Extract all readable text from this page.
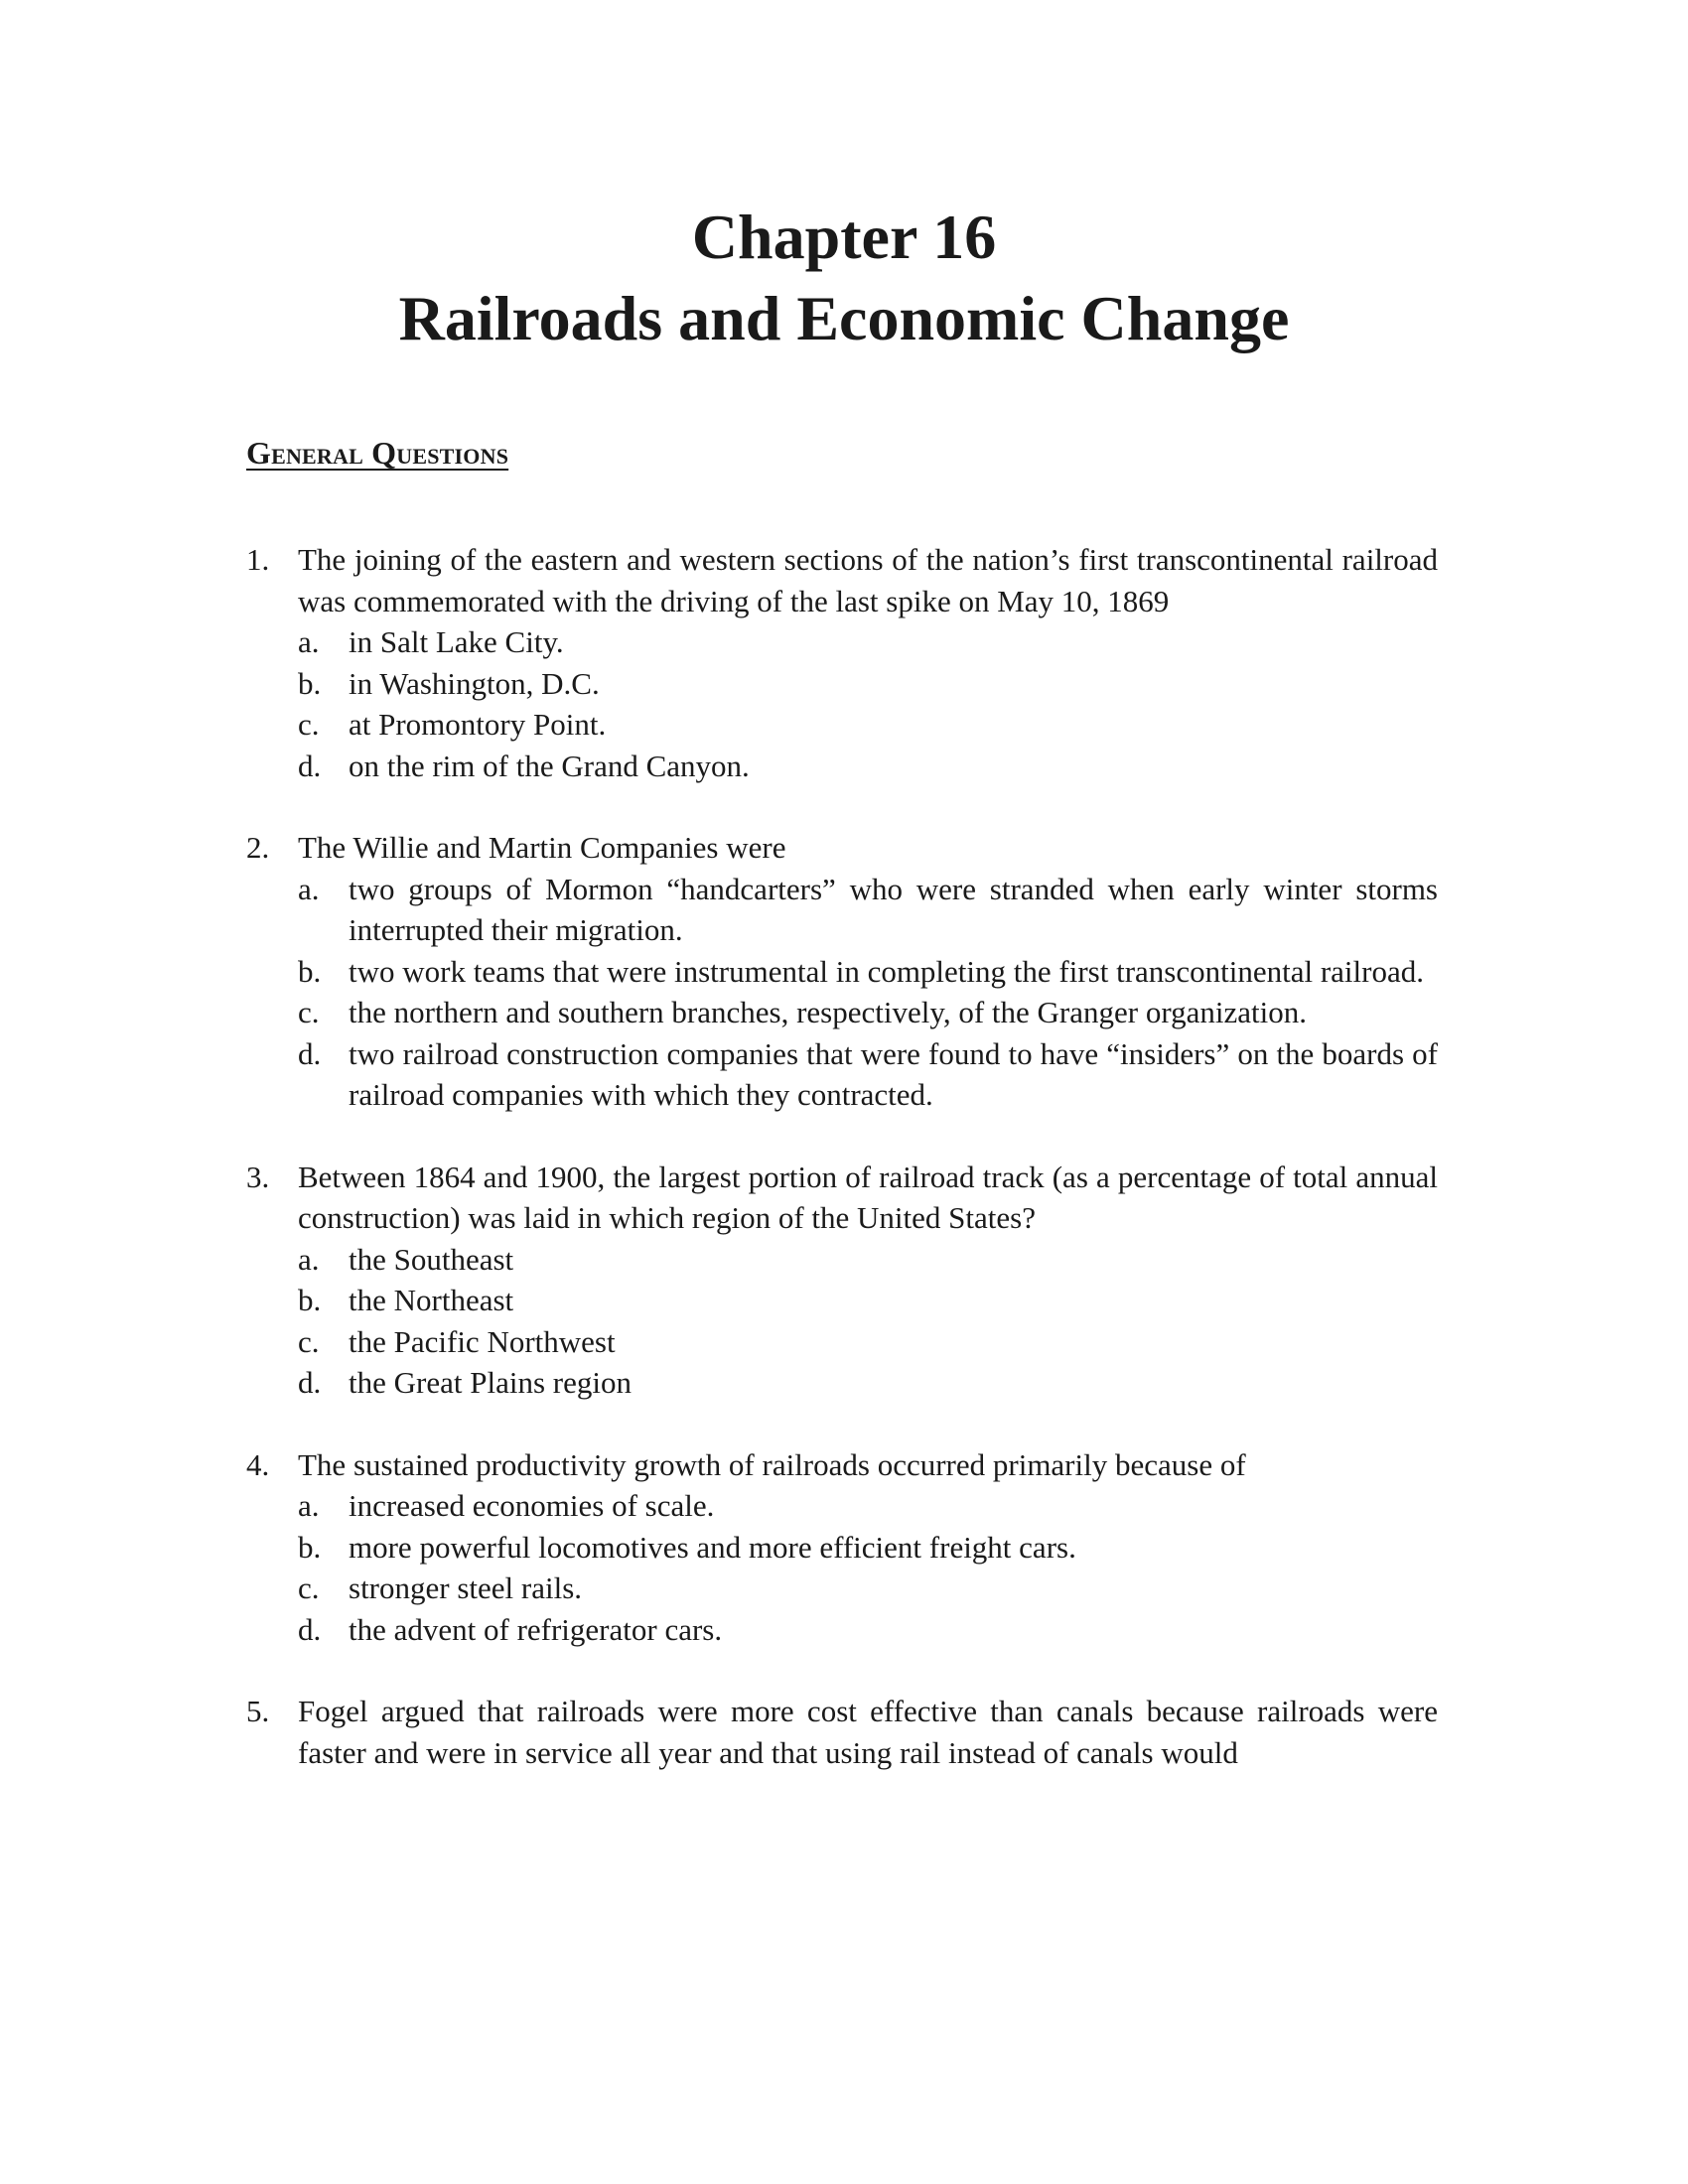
Chapter 16
Railroads and Economic Change
General Questions
1. The joining of the eastern and western sections of the nation’s first transcontinental railroad was commemorated with the driving of the last spike on May 10, 1869
a. in Salt Lake City.
b. in Washington, D.C.
c. at Promontory Point.
d. on the rim of the Grand Canyon.
2. The Willie and Martin Companies were
a. two groups of Mormon “handcarters” who were stranded when early winter storms interrupted their migration.
b. two work teams that were instrumental in completing the first transcontinental railroad.
c. the northern and southern branches, respectively, of the Granger organization.
d. two railroad construction companies that were found to have “insiders” on the boards of railroad companies with which they contracted.
3. Between 1864 and 1900, the largest portion of railroad track (as a percentage of total annual construction) was laid in which region of the United States?
a. the Southeast
b. the Northeast
c. the Pacific Northwest
d. the Great Plains region
4. The sustained productivity growth of railroads occurred primarily because of
a. increased economies of scale.
b. more powerful locomotives and more efficient freight cars.
c. stronger steel rails.
d. the advent of refrigerator cars.
5. Fogel argued that railroads were more cost effective than canals because railroads were faster and were in service all year and that using rail instead of canals would
